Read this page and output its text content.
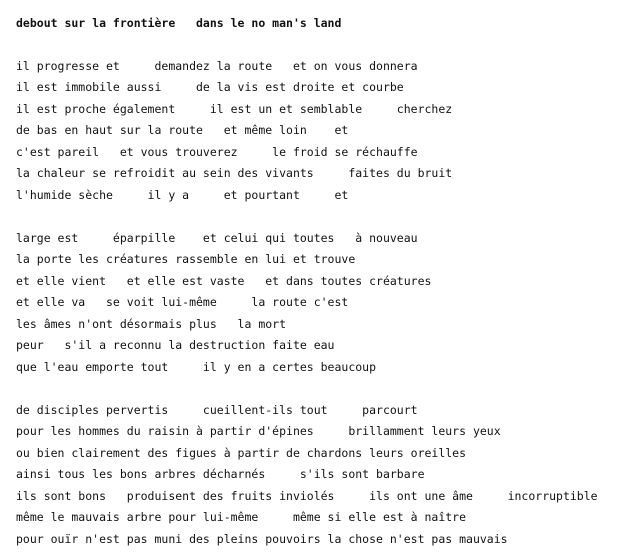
debout sur la frontière   dans le no man's land
il progresse et     demandez la route   et on vous donnera
il est immobile aussi     de la vis est droite et courbe
il est proche également     il est un et semblable     cherchez
de bas en haut sur la route   et même loin    et
c'est pareil   et vous trouverez     le froid se réchauffe
la chaleur se refroidit au sein des vivants     faites du bruit
l'humide sèche     il y a     et pourtant     et
large est     éparpille    et celui qui toutes   à nouveau
la porte les créatures rassemble en lui et trouve
et elle vient   et elle est vaste   et dans toutes créatures
et elle va   se voit lui-même     la route c'est
les âmes n'ont désormais plus   la mort
peur   s'il a reconnu la destruction faite eau
que l'eau emporte tout     il y en a certes beaucoup
de disciples pervertis     cueillent-ils tout     parcourt
pour les hommes du raisin à partir d'épines     brillamment leurs yeux
ou bien clairement des figues à partir de chardons leurs oreilles
ainsi tous les bons arbres décharnés     s'ils sont barbare
ils sont bons   produisent des fruits inviolés     ils ont une âme     incorruptible
même le mauvais arbre pour lui-même     même si elle est à naître
pour ouïr n'est pas muni des pleins pouvoirs la chose n'est pas mauvais
